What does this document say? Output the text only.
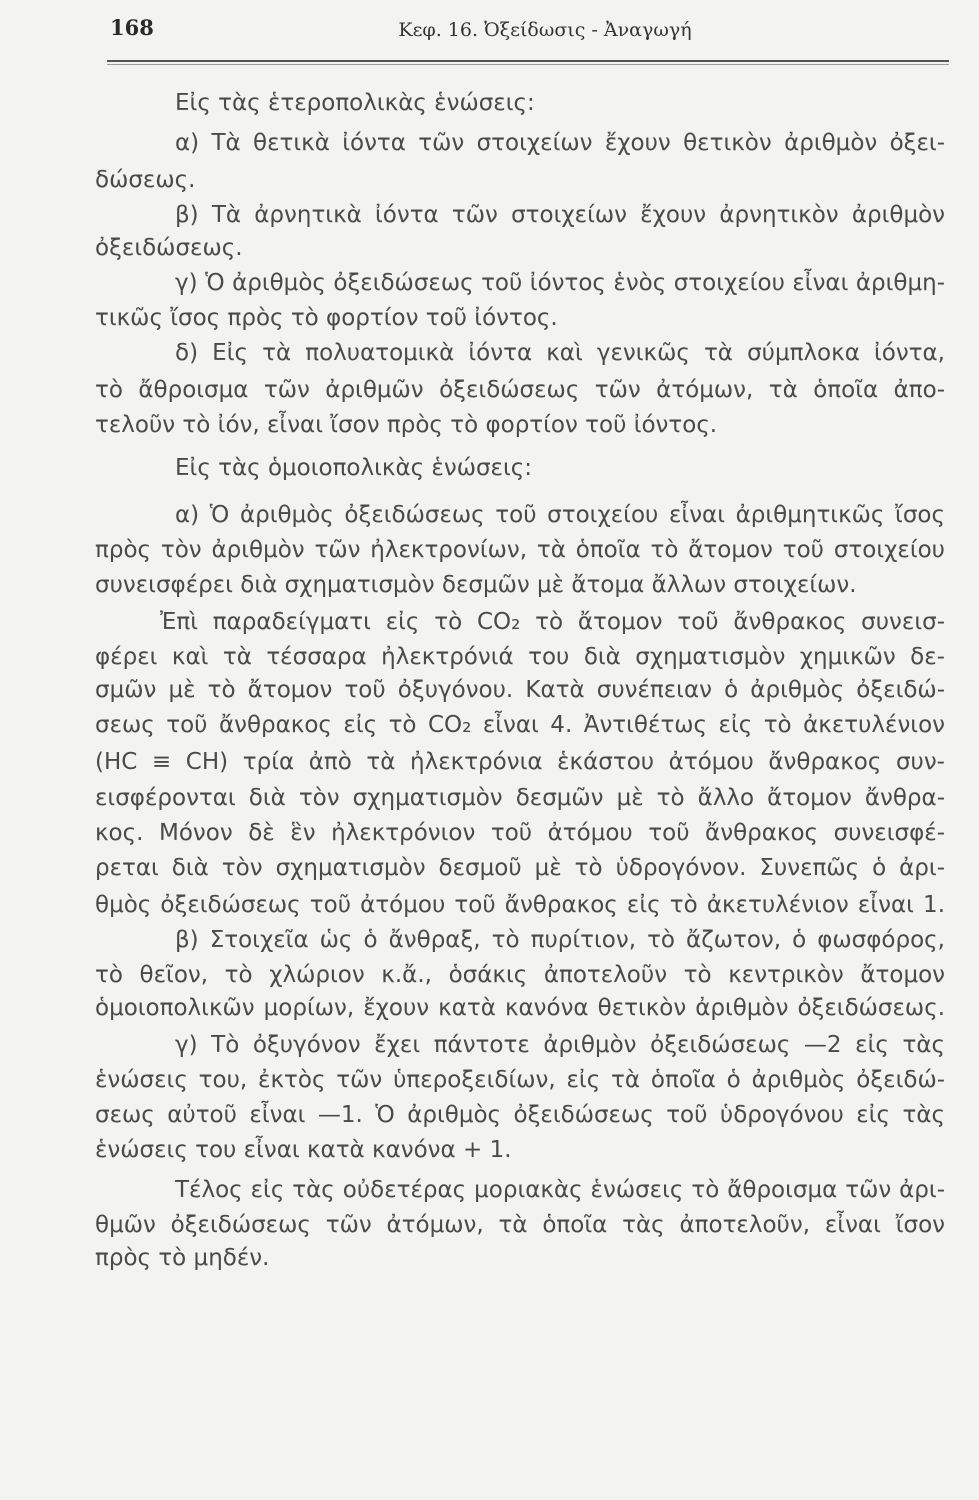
168	Κεφ. 16. Ὀξείδωσις - Ἀναγωγή
Εἰς τὰς ἑτεροπολικὰς ἑνώσεις:
α) Τὰ θετικὰ ἰόντα τῶν στοιχείων ἔχουν θετικὸν ἀριθμὸν ὀξει-
δώσεως.
β) Τὰ ἀρνητικὰ ἰόντα τῶν στοιχείων ἔχουν ἀρνητικὸν ἀριθμὸν
ὀξειδώσεως.
γ) Ὁ ἀριθμὸς ὀξειδώσεως τοῦ ἰόντος ἑνὸς στοιχείου εἶναι ἀριθμη-
τικῶς ἴσος πρὸς τὸ φορτίον τοῦ ἰόντος.
δ) Εἰς τὰ πολυατομικὰ ἰόντα καὶ γενικῶς τὰ σύμπλοκα ἰόντα,
τὸ ἄθροισμα τῶν ἀριθμῶν ὀξειδώσεως τῶν ἀτόμων, τὰ ὁποῖα ἀπο-
τελοῦν τὸ ἰόν, εἶναι ἴσον πρὸς τὸ φορτίον τοῦ ἰόντος.
Εἰς τὰς ὁμοιοπολικὰς ἑνώσεις:
α) Ὁ ἀριθμὸς ὀξειδώσεως τοῦ στοιχείου εἶναι ἀριθμητικῶς ἴσος
πρὸς τὸν ἀριθμὸν τῶν ἠλεκτρονίων, τὰ ὁποῖα τὸ ἄτομον τοῦ στοιχείου
συνεισφέρει διὰ σχηματισμὸν δεσμῶν μὲ ἄτομα ἄλλων στοιχείων.
Ἐπὶ παραδείγματι εἰς τὸ CO₂ τὸ ἄτομον τοῦ ἄνθρακος συνεισ-
φέρει καὶ τὰ τέσσαρα ἠλεκτρόνιά του διὰ σχηματισμὸν χημικῶν δε-
σμῶν μὲ τὸ ἄτομον τοῦ ὀξυγόνου. Κατὰ συνέπειαν ὁ ἀριθμὸς ὀξειδώ-
σεως τοῦ ἄνθρακος εἰς τὸ CO₂ εἶναι 4. Ἀντιθέτως εἰς τὸ ἀκετυλένιον
(HC ≡ CH) τρία ἀπὸ τὰ ἠλεκτρόνια ἑκάστου ἀτόμου ἄνθρακος συν-
εισφέρονται διὰ τὸν σχηματισμὸν δεσμῶν μὲ τὸ ἄλλο ἄτομον ἄνθρα-
κος. Μόνον δὲ ἓν ἠλεκτρόνιον τοῦ ἀτόμου τοῦ ἄνθρακος συνεισφέ-
ρεται διὰ τὸν σχηματισμὸν δεσμοῦ μὲ τὸ ὑδρογόνον. Συνεπῶς ὁ ἀρι-
θμὸς ὀξειδώσεως τοῦ ἀτόμου τοῦ ἄνθρακος εἰς τὸ ἀκετυλένιον εἶναι 1.
β) Στοιχεῖα ὡς ὁ ἄνθραξ, τὸ πυρίτιον, τὸ ἄζωτον, ὁ φωσφόρος,
τὸ θεῖον, τὸ χλώριον κ.ἄ., ὁσάκις ἀποτελοῦν τὸ κεντρικὸν ἄτομον
ὁμοιοπολικῶν μορίων, ἔχουν κατὰ κανόνα θετικὸν ἀριθμὸν ὀξειδώσεως.
γ) Τὸ ὀξυγόνον ἔχει πάντοτε ἀριθμὸν ὀξειδώσεως —2 εἰς τὰς
ἑνώσεις του, ἐκτὸς τῶν ὑπεροξειδίων, εἰς τὰ ὁποῖα ὁ ἀριθμὸς ὀξειδώ-
σεως αὐτοῦ εἶναι —1. Ὁ ἀριθμὸς ὀξειδώσεως τοῦ ὑδρογόνου εἰς τὰς
ἑνώσεις του εἶναι κατὰ κανόνα + 1.
Τέλος εἰς τὰς οὐδετέρας μοριακὰς ἑνώσεις τὸ ἄθροισμα τῶν ἀρι-
θμῶν ὀξειδώσεως τῶν ἀτόμων, τὰ ὁποῖα τὰς ἀποτελοῦν, εἶναι ἴσον
πρὸς τὸ μηδέν.
